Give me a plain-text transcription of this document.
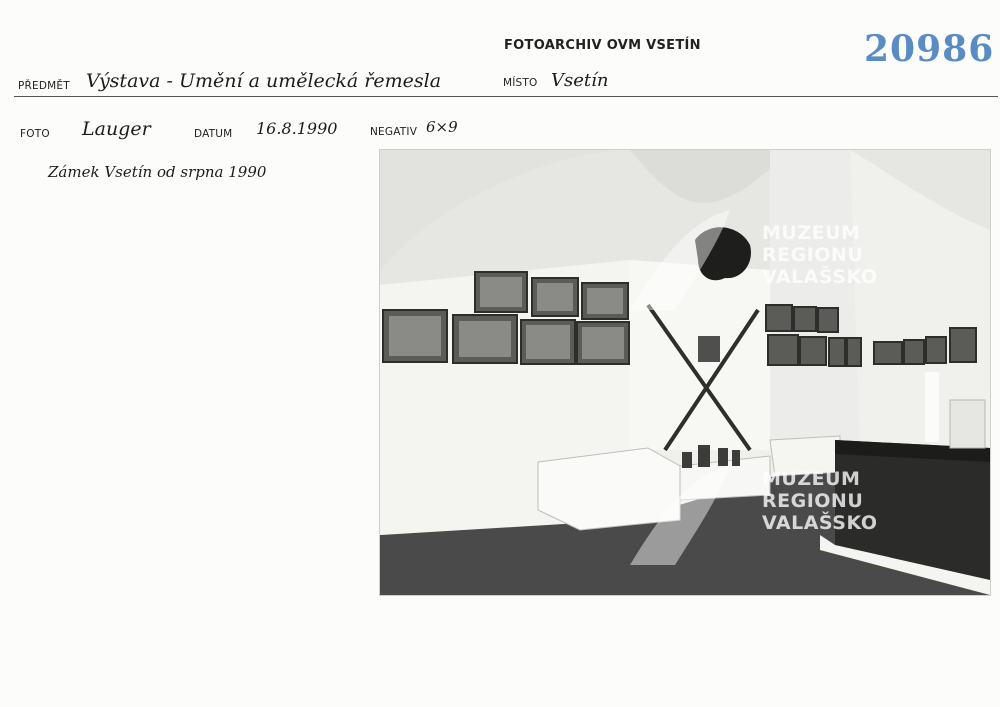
FOTOARCHIV OVM VSETÍN	20986
PŘEDMĚT Výstava - Umění a umělecká řemesla	MÍSTO Vsetín
FOTO Lauger	DATUM 16.8.1990	NEGATIV 6×9
Zámek Vsetín od srpna 1990
MUZEUM
REGIONU
VALAŠSKO
MUZEUM
REGIONU
VALAŠSKO
